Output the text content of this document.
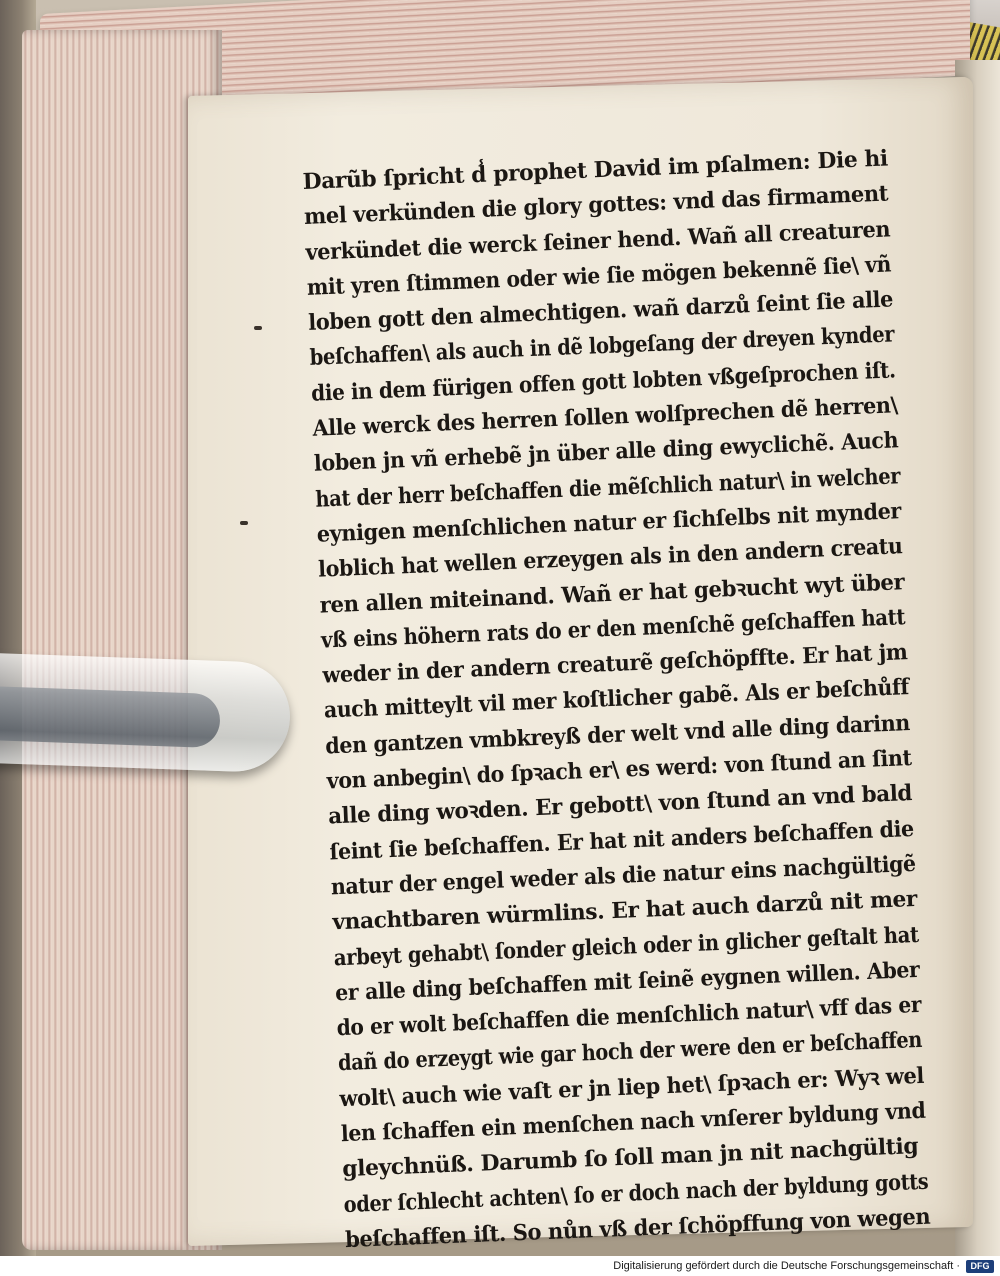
Darũb ſpricht d̾ prophet David im pſalmen: Die hi
mel verkünden die glory gottes: vnd das firmament
verkündet die werck ſeiner hend. Wañ all creaturen
mit yren ſtimmen oder wie ſie mögen bekennẽ ſie\ vñ
loben gott den almechtigen. wañ darzů ſeint ſie alle
beſchaffen\ als auch in dẽ lobgeſang der dreyen kynder
die in dem fürigen offen gott lobten vßgeſprochen iſt.
Alle werck des herren ſollen wolſprechen dẽ herren\
loben jn vñ erhebẽ jn über alle ding ewyclichẽ. Auch
hat der herr beſchaffen die mẽſchlich natur\ in welcher
eynigen menſchlichen natur er ſichſelbs nit mynder
loblich hat wellen erzeygen als in den andern creatu
ren allen miteinand. Wañ er hat gebꝛucht wyt über
vß eins höhern rats do er den menſchẽ geſchaffen hatt
weder in der andern creaturẽ geſchöpffte. Er hat jm
auch mitteylt vil mer koſtlicher gabẽ. Als er beſchůff
den gantzen vmbkreyß der welt vnd alle ding darinn
von anbegin\ do ſpꝛach er\ es werd: von ſtund an ſint
alle ding woꝛden. Er gebott\ von ſtund an vnd bald
ſeint ſie beſchaffen. Er hat nit anders beſchaffen die
natur der engel weder als die natur eins nachgültigẽ
vnachtbaren würmlins. Er hat auch darzů nit mer
arbeyt gehabt\ ſonder gleich oder in glicher geſtalt hat
er alle ding beſchaffen mit ſeinẽ eygnen willen. Aber
do er wolt beſchaffen die menſchlich natur\ vff das er
dañ do erzeygt wie gar hoch der were den er beſchaffen
wolt\ auch wie vaſt er jn liep het\ ſpꝛach er: Wyꝛ wel
len ſchaffen ein menſchen nach vnſerer byldung vnd
gleychnüß. Darumb ſo ſoll man jn nit nachgültig
oder ſchlecht achten\ ſo er doch nach der byldung gotts
beſchaffen iſt. So nůn vß der ſchöpffung von wegen
Digitalisierung gefördert durch die Deutsche Forschungsgemeinschaft · DFG
